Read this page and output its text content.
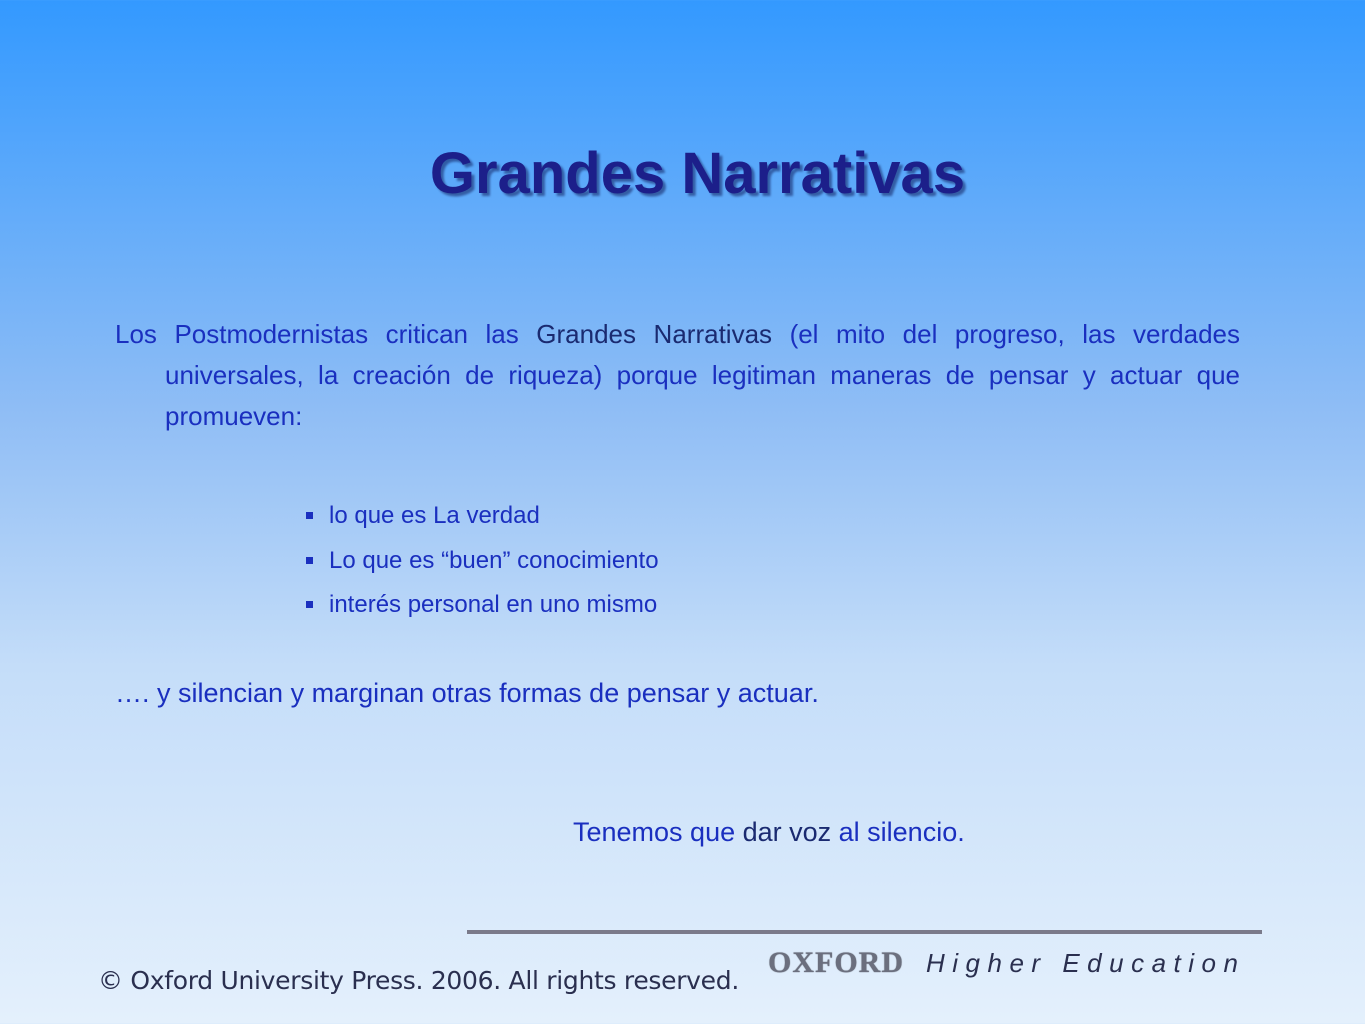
Grandes Narrativas
Los Postmodernistas critican las Grandes Narrativas (el mito del progreso, las verdades universales, la creación de riqueza) porque legitiman maneras de pensar y actuar que promueven:
lo que es La verdad
Lo que es “buen” conocimiento
interés personal en uno mismo
…. y silencian y marginan otras formas de pensar y actuar.
Tenemos que dar voz al silencio.
© Oxford University Press. 2006. All rights reserved.
OXFORD Higher Education
